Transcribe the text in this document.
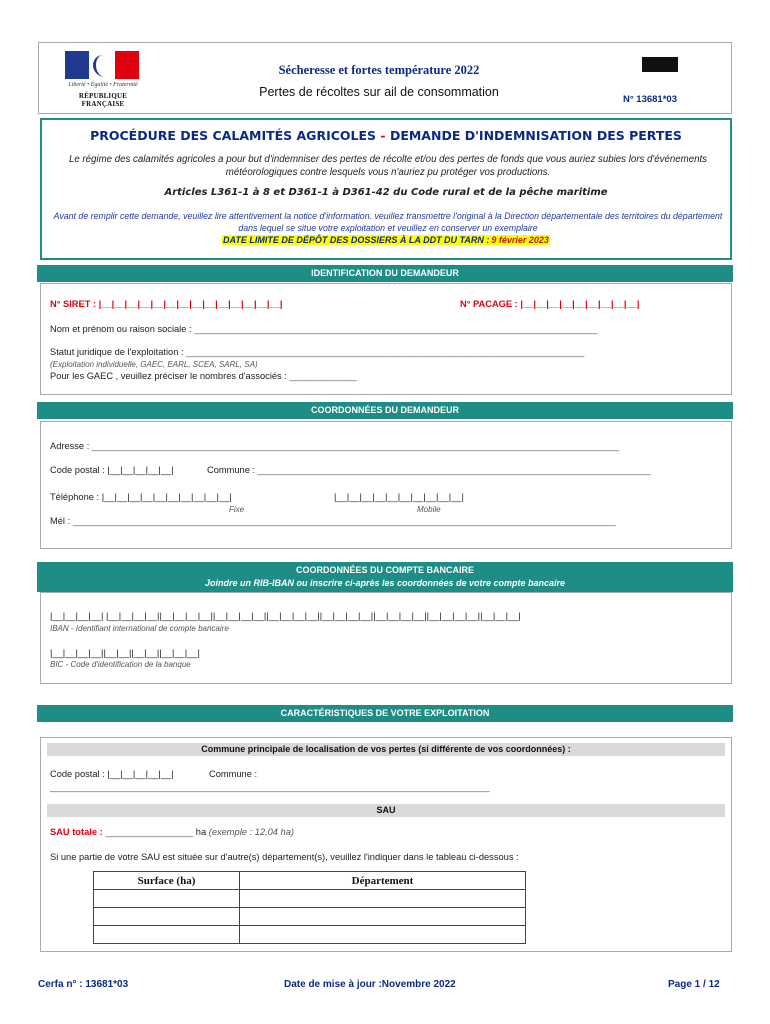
Liberté • Égalité • Fraternité
RÉPUBLIQUE FRANÇAISE
Sécheresse et fortes température 2022
Pertes de récoltes sur ail de consommation
N° 13681*03
PROCÉDURE DES CALAMITÉS AGRICOLES - DEMANDE D'INDEMNISATION DES PERTES
Le régime des calamités agricoles a pour but d'indemniser des pertes de récolte et/ou des pertes de fonds que vous auriez subies lors d'événements météorologiques contre lesquels vous n'auriez pu protéger vos productions.
Articles L361-1 à 8 et D361-1 à D361-42 du Code rural et de la pêche maritime
Avant de remplir cette demande, veuillez lire attentivement la notice d'information. veuillez transmettre l'original à la Direction départementale des territoires du département dans lequel se situe votre exploitation et veuillez en conserver un exemplaire
DATE LIMITE DE DÉPÔT DES DOSSIERS À LA DDT DU TARN : 9 février 2023
IDENTIFICATION DU DEMANDEUR
N° SIRET : |__|__|__|__|__|__|__|__|__|__|__|__|__|__|	N° PACAGE : |__|__|__|__|__|__|__|__|__|
Nom et prénom ou raison sociale : ______________________________________________________________________________
Statut juridique de l'exploitation : _____________________________________________________________________________
(Exploitation individuelle, GAEC, EARL, SCEA, SARL, SA)
Pour les GAEC , veuillez préciser le nombres d'associés : _____________
COORDONNÉES DU DEMANDEUR
Adresse : ______________________________________________________________________________________________________
Code postal : |__|__|__|__|__|	Commune : ____________________________________________________________________________
Téléphone : |__|__|__|__|__|__|__|__|__|__|	|__|__|__|__|__|__|__|__|__|__|
Fixe	Mobile
Mél : _________________________________________________________________________________________________________
COORDONNÉES DU COMPTE BANCAIRE
Joindre un RIB-IBAN ou inscrire ci-après les coordonnées de votre compte bancaire
|__|__|__|__| |__|__|__|__||__|__|__|__||__|__|__|__||__|__|__|__||__|__|__|__||__|__|__|__||__|__|__|__||__|__|__|
IBAN - Identifiant international de compte bancaire
|__|__|__|__||__|__||__|__||__|__|__|
BIC - Code d'identification de la banque
CARACTÉRISTIQUES DE VOTRE EXPLOITATION
Commune principale de localisation de vos pertes (si différente de vos coordonnées) :
Code postal : |__|__|__|__|__|	Commune :
_____________________________________________________________________________________
SAU
SAU totale : _________________ ha (exemple : 12,04 ha)
Si une partie de votre SAU est située sur d'autre(s) département(s), veuillez l'indiquer dans le tableau ci-dessous :
Surface (ha)	Département

Cerfa n° : 13681*03	Date de mise à jour :Novembre 2022	Page 1 / 12
